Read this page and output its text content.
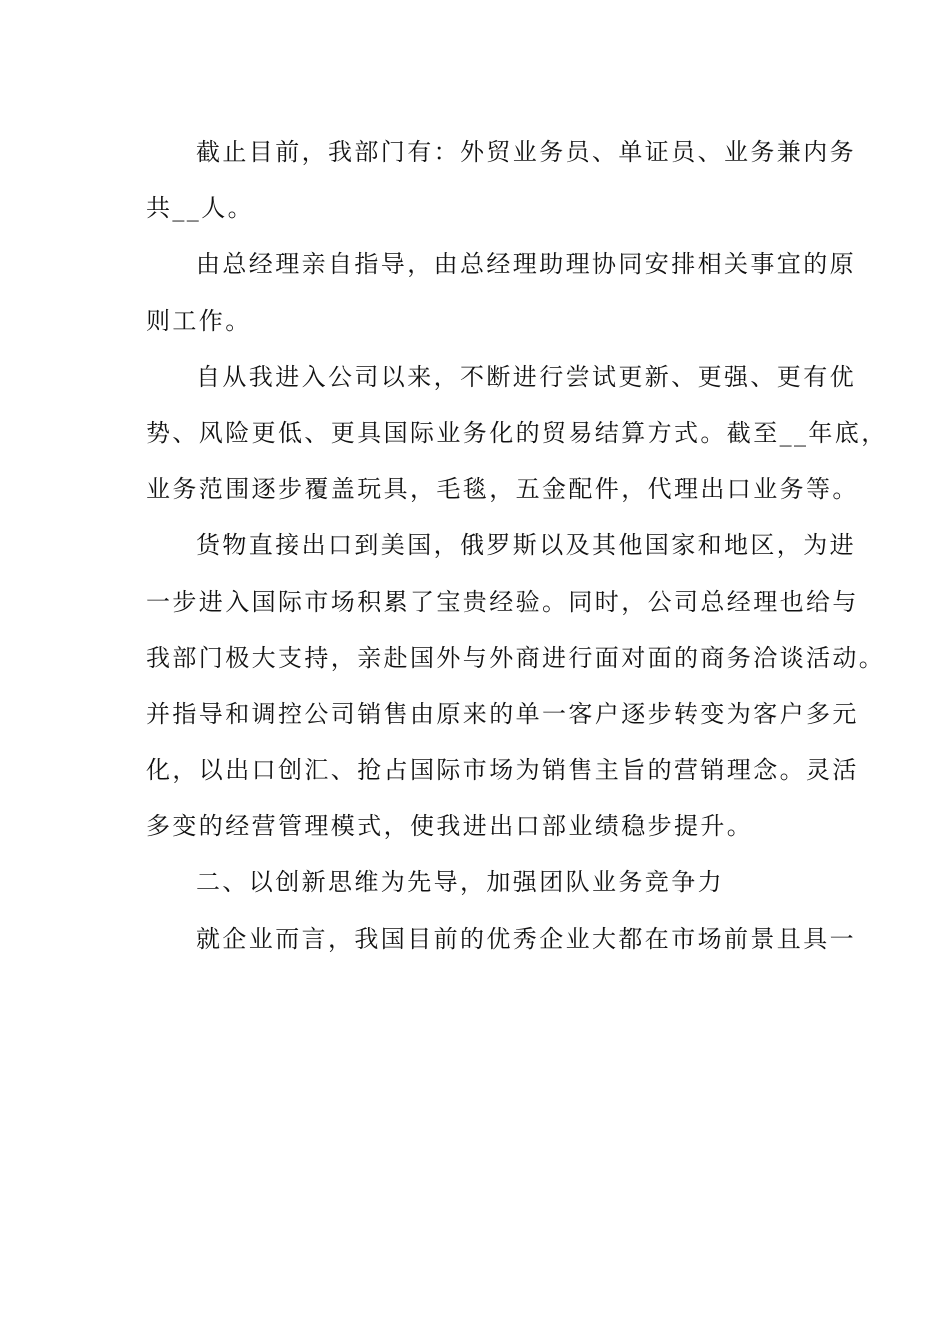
截止目前，我部门有：外贸业务员、单证员、业务兼内务
共__人。
由总经理亲自指导，由总经理助理协同安排相关事宜的原
则工作。
自从我进入公司以来，不断进行尝试更新、更强、更有优
势、风险更低、更具国际业务化的贸易结算方式。截至__年底，
业务范围逐步覆盖玩具，毛毯，五金配件，代理出口业务等。
货物直接出口到美国，俄罗斯以及其他国家和地区，为进
一步进入国际市场积累了宝贵经验。同时，公司总经理也给与
我部门极大支持，亲赴国外与外商进行面对面的商务洽谈活动。
并指导和调控公司销售由原来的单一客户逐步转变为客户多元
化，以出口创汇、抢占国际市场为销售主旨的营销理念。灵活
多变的经营管理模式，使我进出口部业绩稳步提升。
二、以创新思维为先导，加强团队业务竞争力
就企业而言，我国目前的优秀企业大都在市场前景且具一
